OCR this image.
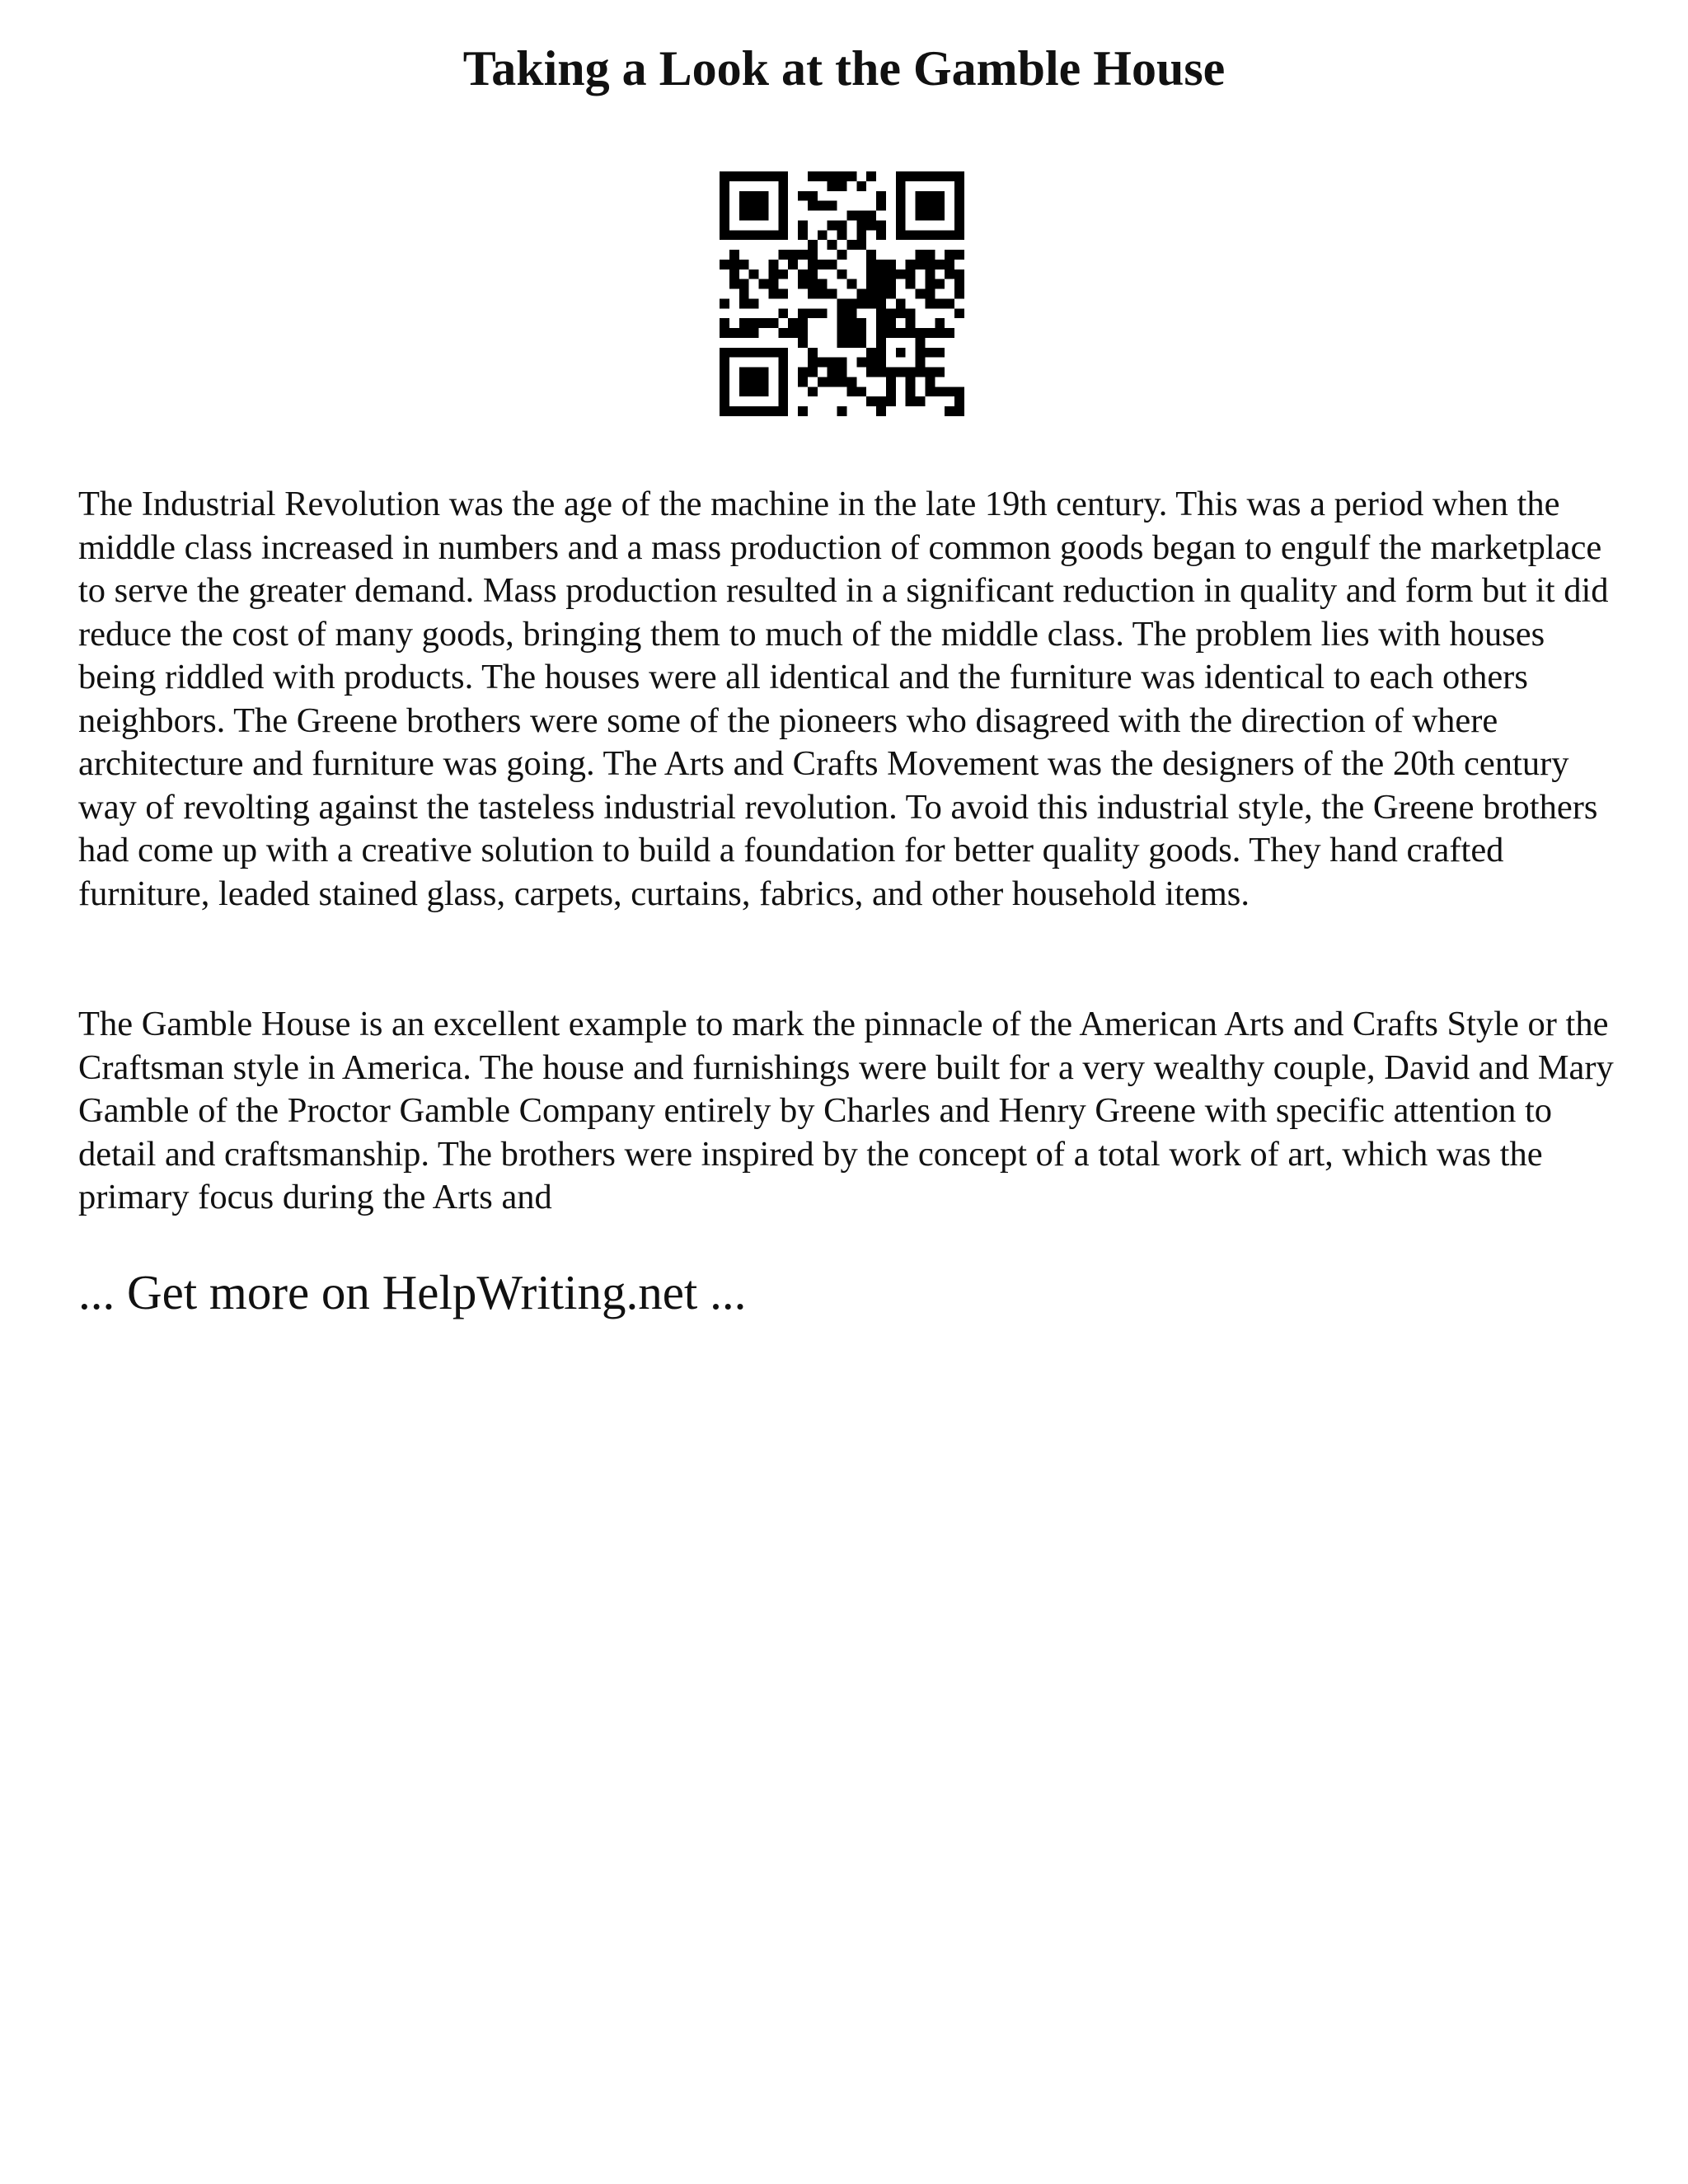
Taking a Look at the Gamble House

The Industrial Revolution was the age of the machine in the late 19th century. This was a period when the middle class increased in numbers and a mass production of common goods began to engulf the marketplace to serve the greater demand. Mass production resulted in a significant reduction in quality and form but it did reduce the cost of many goods, bringing them to much of the middle class. The problem lies with houses being riddled with products. The houses were all identical and the furniture was identical to each others neighbors. The Greene brothers were some of the pioneers who disagreed with the direction of where architecture and furniture was going. The Arts and Crafts Movement was the designers of the 20th century way of revolting against the tasteless industrial revolution. To avoid this industrial style, the Greene brothers had come up with a creative solution to build a foundation for better quality goods. They hand crafted furniture, leaded stained glass, carpets, curtains, fabrics, and other household items.

The Gamble House is an excellent example to mark the pinnacle of the American Arts and Crafts Style or the Craftsman style in America. The house and furnishings were built for a very wealthy couple, David and Mary Gamble of the Proctor Gamble Company entirely by Charles and Henry Greene with specific attention to detail and craftsmanship. The brothers were inspired by the concept of a total work of art, which was the primary focus during the Arts and

... Get more on HelpWriting.net ...
